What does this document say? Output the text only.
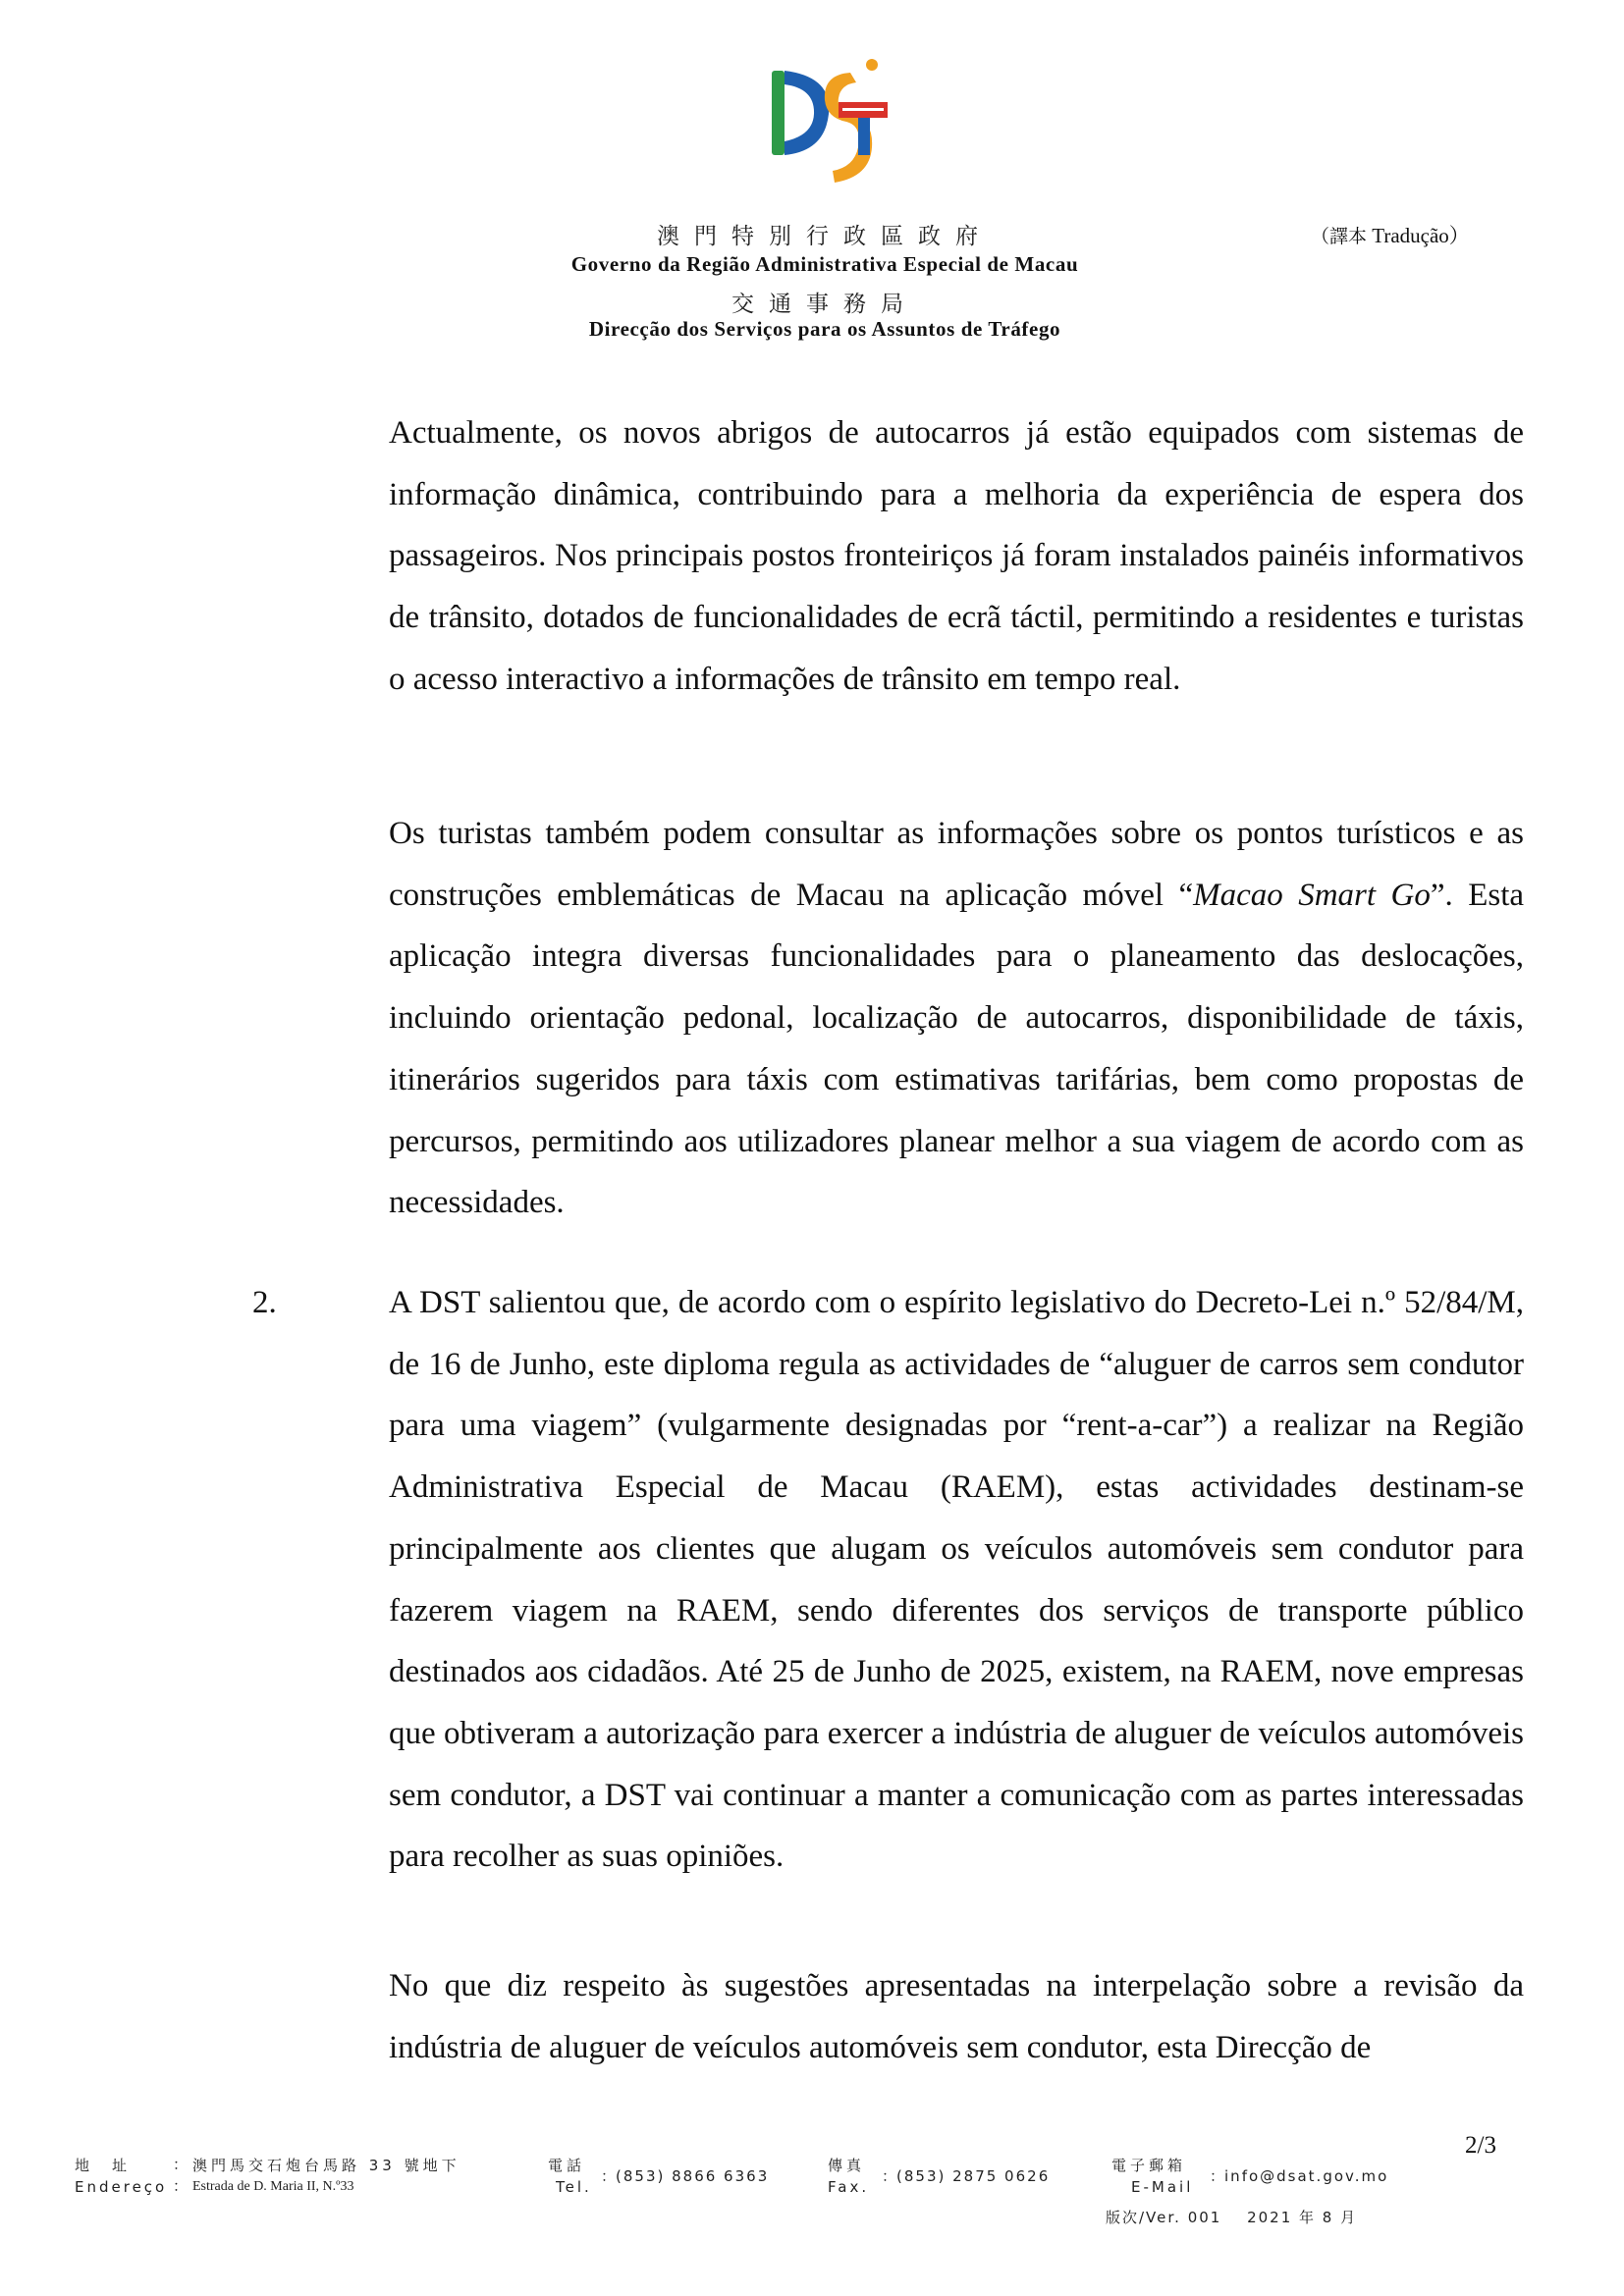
澳門特別行政區政府
Governo da Região Administrativa Especial de Macau
交通事務局
Direcção dos Serviços para os Assuntos de Tráfego
（譯本 Tradução）

Actualmente, os novos abrigos de autocarros já estão equipados com sistemas de informação dinâmica, contribuindo para a melhoria da experiência de espera dos passageiros. Nos principais postos fronteiriços já foram instalados painéis informativos de trânsito, dotados de funcionalidades de ecrã táctil, permitindo a residentes e turistas o acesso interactivo a informações de trânsito em tempo real.

Os turistas também podem consultar as informações sobre os pontos turísticos e as construções emblemáticas de Macau na aplicação móvel “Macao Smart Go”. Esta aplicação integra diversas funcionalidades para o planeamento das deslocações, incluindo orientação pedonal, localização de autocarros, disponibilidade de táxis, itinerários sugeridos para táxis com estimativas tarifárias, bem como propostas de percursos, permitindo aos utilizadores planear melhor a sua viagem de acordo com as necessidades.

2.	A DST salientou que, de acordo com o espírito legislativo do Decreto-Lei n.º 52/84/M, de 16 de Junho, este diploma regula as actividades de “aluguer de carros sem condutor para uma viagem” (vulgarmente designadas por “rent-a-car”) a realizar na Região Administrativa Especial de Macau (RAEM), estas actividades destinam-se principalmente aos clientes que alugam os veículos automóveis sem condutor para fazerem viagem na RAEM, sendo diferentes dos serviços de transporte público destinados aos cidadãos. Até 25 de Junho de 2025, existem, na RAEM, nove empresas que obtiveram a autorização para exercer a indústria de aluguer de veículos automóveis sem condutor, a DST vai continuar a manter a comunicação com as partes interessadas para recolher as suas opiniões.

No que diz respeito às sugestões apresentadas na interpelação sobre a revisão da indústria de aluguer de veículos automóveis sem condutor, esta Direcção de

2/3
地　址
Endereço
：
：
澳門馬交石炮台馬路 33 號地下
Estrada de D. Maria II, N.º33
電話
Tel.
：(853) 8866 6363
傳真
Fax.
：(853) 2875 0626
電子郵箱
E-Mail
：info@dsat.gov.mo
版次/Ver. 001 2021 年 8 月
